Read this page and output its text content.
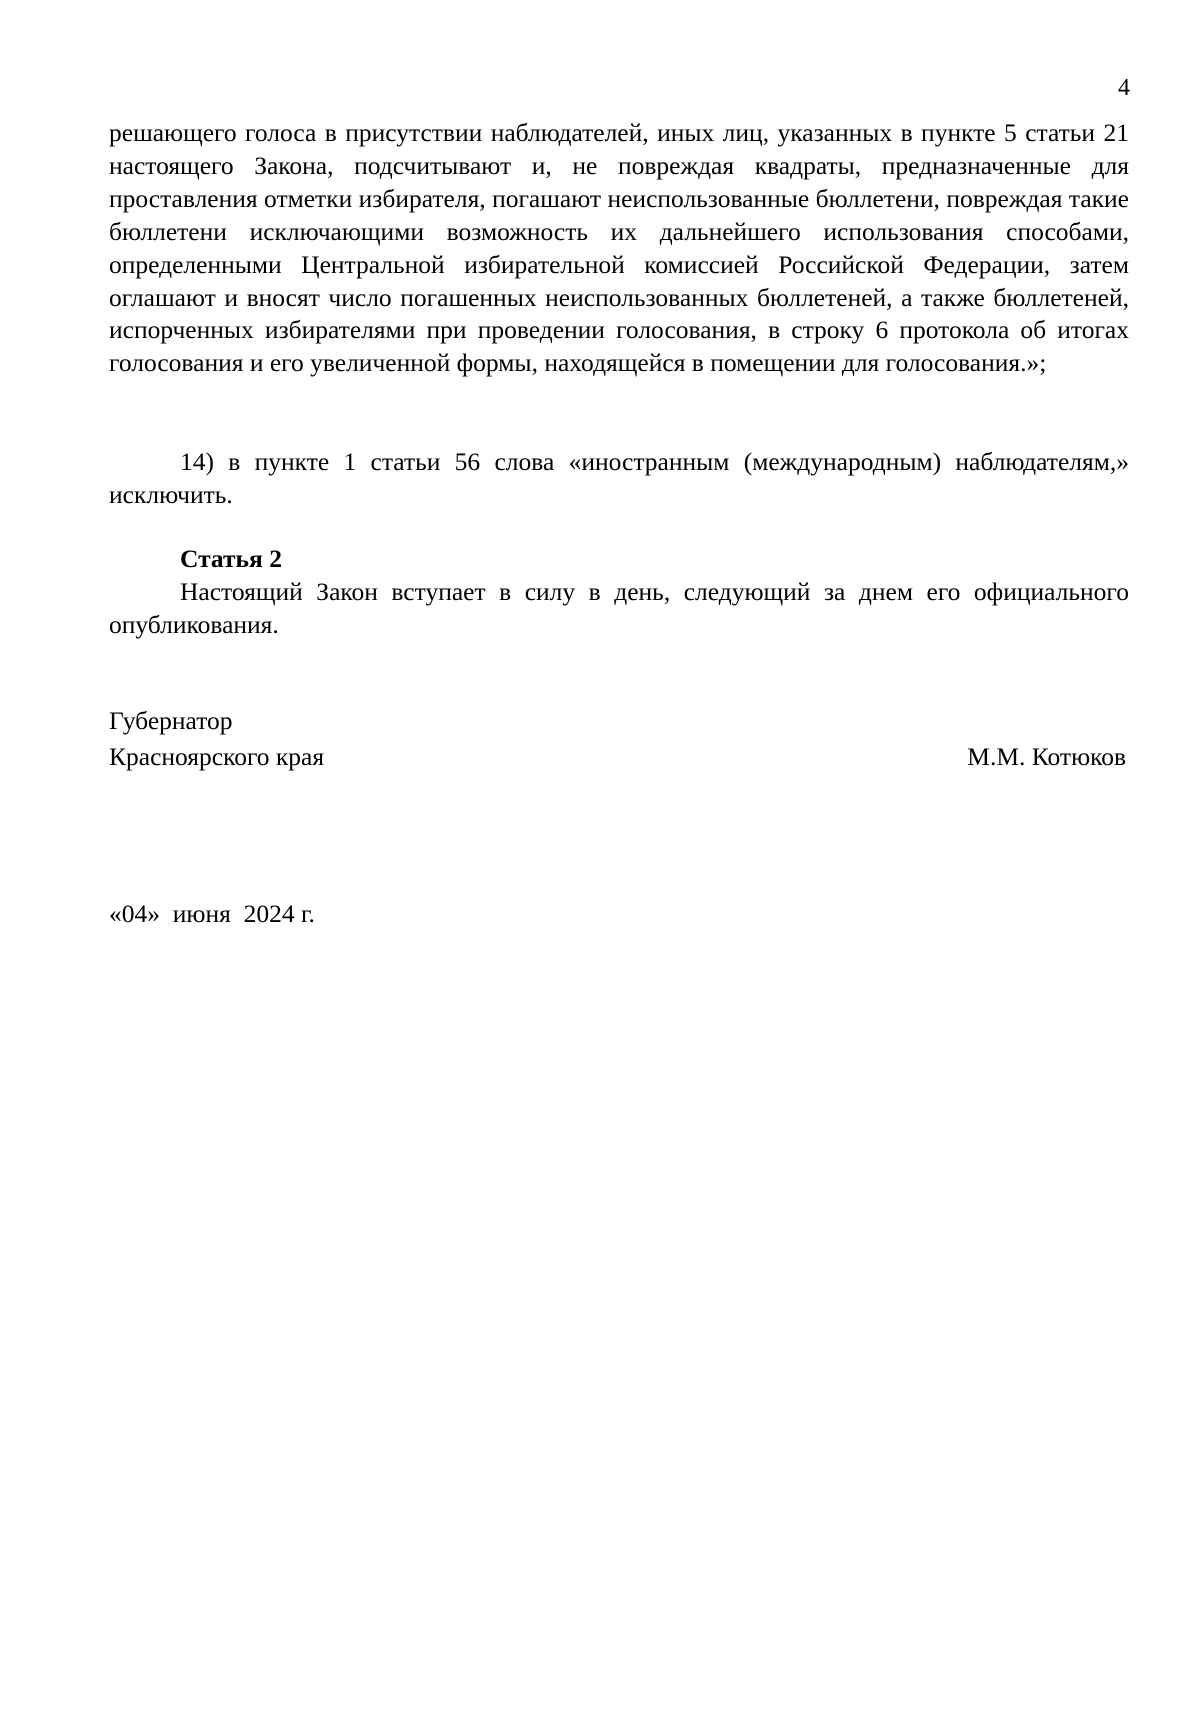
4

решающего голоса в присутствии наблюдателей, иных лиц, указанных в пункте 5 статьи 21 настоящего Закона, подсчитывают и, не повреждая квадраты, предназначенные для проставления отметки избирателя, погашают неиспользованные бюллетени, повреждая такие бюллетени исключающими возможность их дальнейшего использования способами, определенными Центральной избирательной комиссией Российской Федерации, затем оглашают и вносят число погашенных неиспользованных бюллетеней, а также бюллетеней, испорченных избирателями при проведении голосования, в строку 6 протокола об итогах голосования и его увеличенной формы, находящейся в помещении для голосования.»;

14) в пункте 1 статьи 56 слова «иностранным (международным) наблюдателям,» исключить.

Статья 2

Настоящий Закон вступает в силу в день, следующий за днем его официального опубликования.

Губернатор

Красноярского края	М.М. Котюков

«04»  июня  2024 г.
